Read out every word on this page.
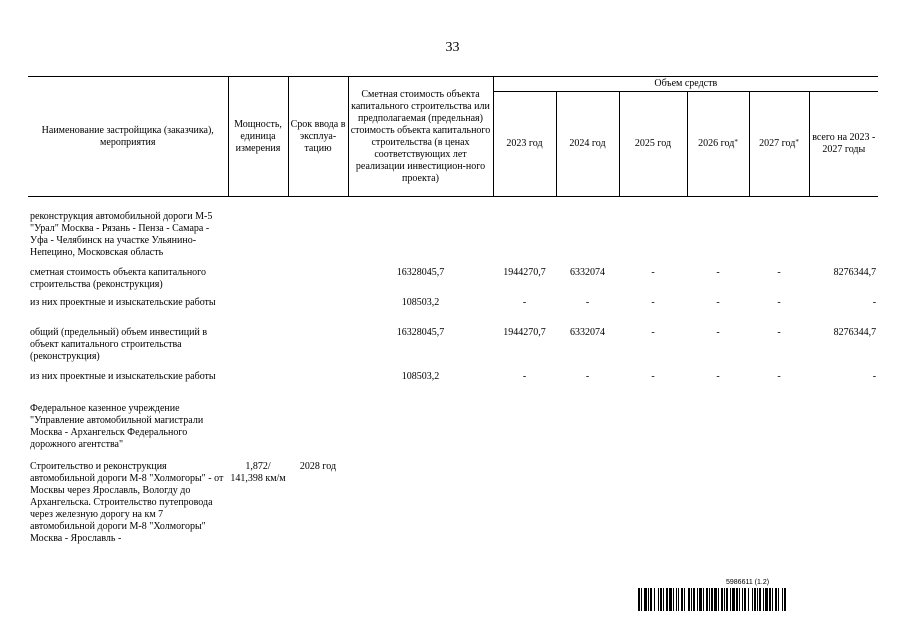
33
Наименование застройщика (заказчика), мероприятия	Мощность, единица измерения	Срок ввода в эксплуа-тацию	Сметная стоимость объекта капитального строительства или предполагаемая (предельная) стоимость объекта капитального строительства (в ценах соответствующих лет реализации инвестицион-ного проекта)	Объем средств					
				2023 год	2024 год	2025 год	2026 год*	2027 год*	всего на 2023 - 2027 годы

реконструкция автомобильной дороги М-5 "Урал" Москва - Рязань - Пенза - Самара - Уфа - Челябинск на участке Ульянино-Непецино, Московская область									
сметная стоимость объекта капитального строительства (реконструкция)			16328045,7	1944270,7	6332074	-	-	-	8276344,7
из них проектные и изыскательские работы			108503,2	-	-	-	-	-	-
общий (предельный) объем инвестиций в объект капитального строительства (реконструкция)			16328045,7	1944270,7	6332074	-	-	-	8276344,7
из них проектные и изыскательские работы			108503,2	-	-	-	-	-	-
Федеральное казенное учреждение "Управление автомобильной магистрали Москва - Архангельск Федерального дорожного агентства"									
Строительство и реконструкция автомобильной дороги М-8 "Холмогоры" - от Москвы через Ярославль, Вологду до Архангельска. Строительство путепровода через железную дорогу на км 7 автомобильной дороги М-8 "Холмогоры" Москва - Ярославль -	1,872/ 141,398 км/м	2028 год							
5986611 (1.2)
